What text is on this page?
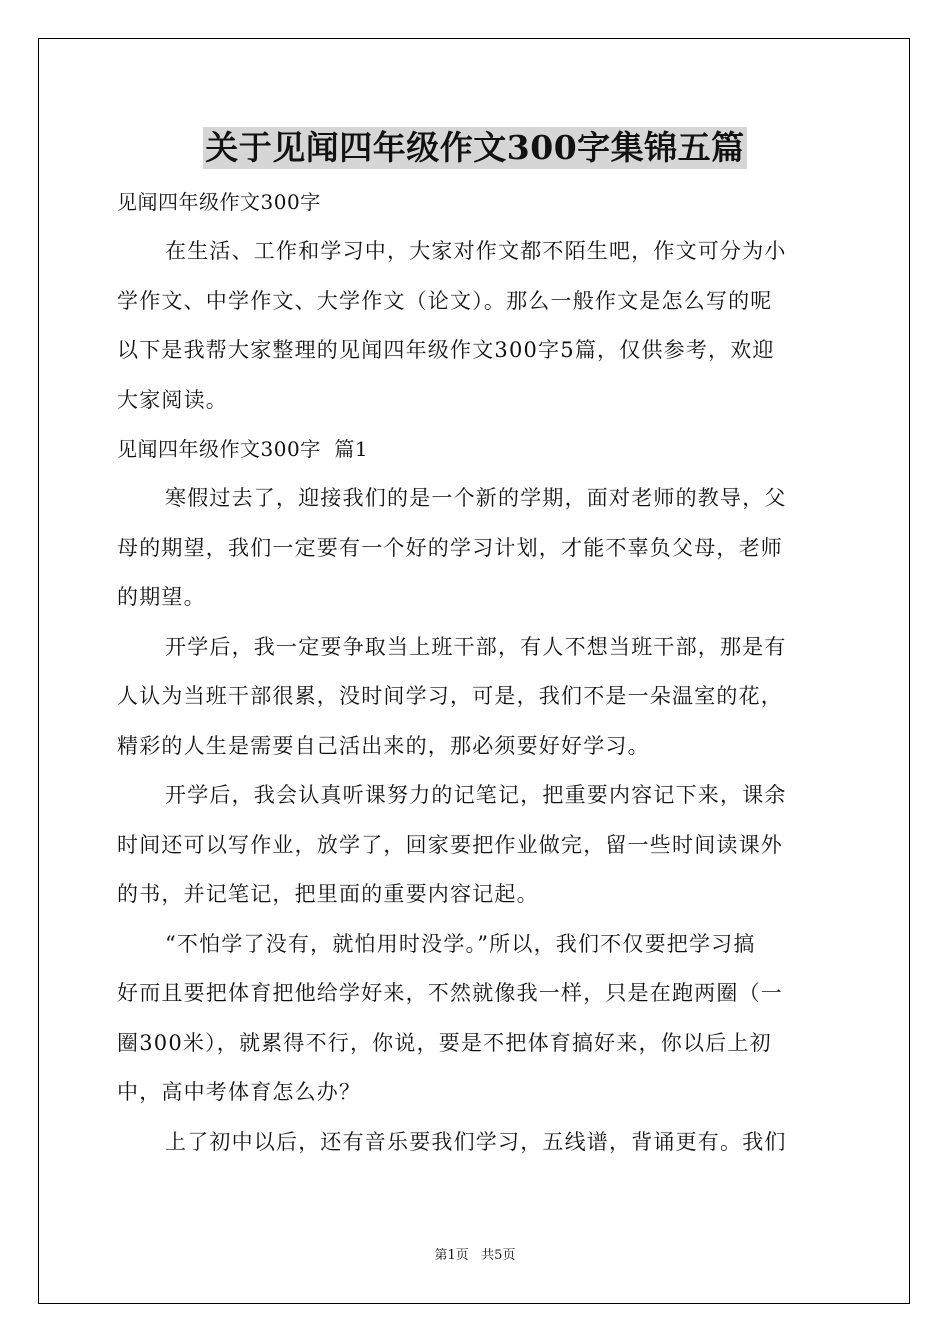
关于见闻四年级作文300字集锦五篇
见闻四年级作文300字
在生活、工作和学习中，大家对作文都不陌生吧，作文可分为小
学作文、中学作文、大学作文（论文）。那么一般作文是怎么写的呢
以下是我帮大家整理的见闻四年级作文300字5篇，仅供参考，欢迎
大家阅读。
见闻四年级作文300字  篇1
寒假过去了，迎接我们的是一个新的学期，面对老师的教导，父
母的期望，我们一定要有一个好的学习计划，才能不辜负父母，老师
的期望。
开学后，我一定要争取当上班干部，有人不想当班干部，那是有
人认为当班干部很累，没时间学习，可是，我们不是一朵温室的花，
精彩的人生是需要自己活出来的，那必须要好好学习。
开学后，我会认真听课努力的记笔记，把重要内容记下来，课余
时间还可以写作业，放学了，回家要把作业做完，留一些时间读课外
的书，并记笔记，把里面的重要内容记起。
“不怕学了没有，就怕用时没学。”所以，我们不仅要把学习搞
好而且要把体育把他给学好来，不然就像我一样，只是在跑两圈（一
圈300米），就累得不行，你说，要是不把体育搞好来，你以后上初
中，高中考体育怎么办？
上了初中以后，还有音乐要我们学习，五线谱，背诵更有。我们
第1页   共5页
